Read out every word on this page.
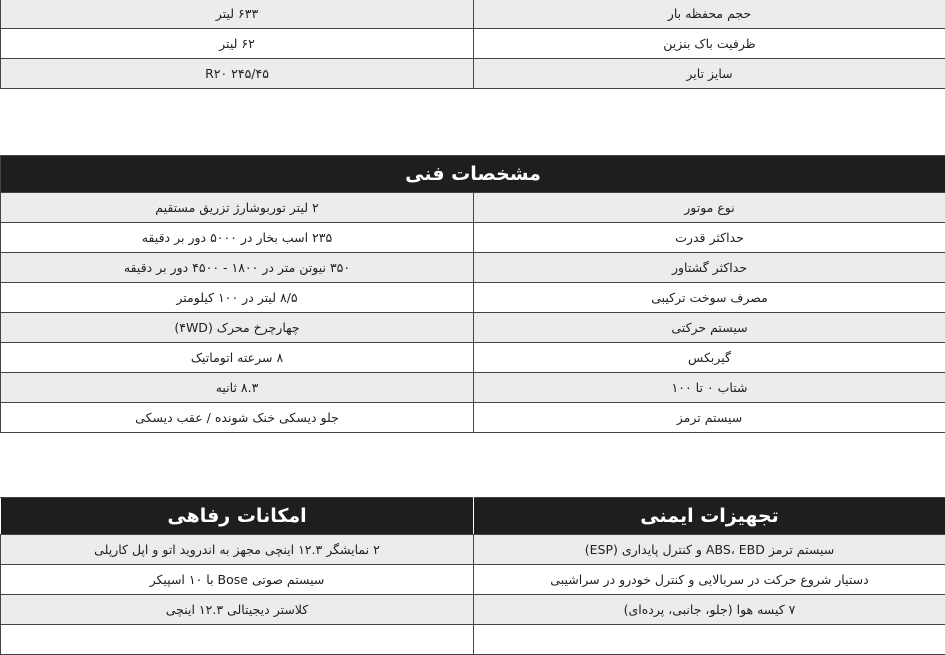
۶۳۳ لیتر	حجم محفظه بار
۶۲ لیتر	ظرفیت باک بنزین
R۲۰ ۲۴۵/۴۵	سایز تایر
مشخصات فنی	
۲ لیتر توربوشارژ تزریق مستقیم	نوع موتور
۲۳۵ اسب بخار در ۵۰۰۰ دور بر دقیقه	حداکثر قدرت
۳۵۰ نیوتن متر در ۱۸۰۰ - ۴۵۰۰ دور بر دقیقه	حداکثر گشتاور
۸/۵ لیتر در ۱۰۰ کیلومتر	مصرف سوخت ترکیبی
چهارچرخ محرک (۴WD)	سیستم حرکتی
۸ سرعته اتوماتیک	گیربکس
۸.۳ ثانیه	شتاب ۰ تا ۱۰۰
جلو دیسکی خنک شونده / عقب دیسکی	سیستم ترمز
امکانات رفاهی	تجهیزات ایمنی
۲ نمایشگر ۱۲.۳ اینچی مجهز به اندروید اتو و اپل کارپلی	سیستم ترمز ABS، EBD و کنترل پایداری (ESP)
سیستم صوتی Bose با ۱۰ اسپیکر	دستیار شروع حرکت در سربالایی و کنترل خودرو در سراشیبی
کلاستر دیجیتالی ۱۲.۳ اینچی	۷ کیسه هوا (جلو، جانبی، پرده‌ای)
